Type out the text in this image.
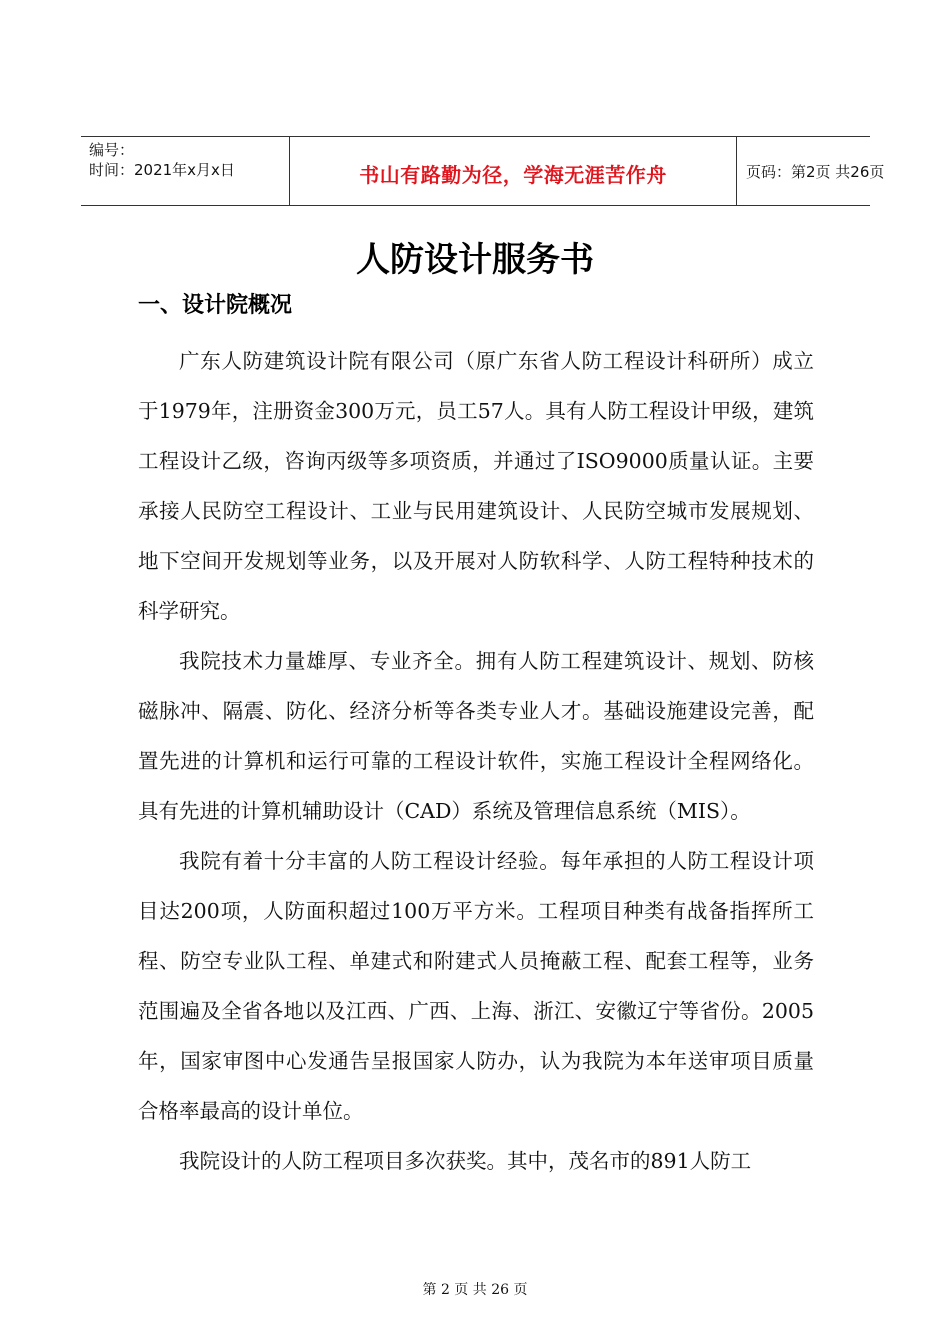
编号：
时间：2021年x月x日	书山有路勤为径，学海无涯苦作舟	页码：第2页 共26页
人防设计服务书
一、设计院概况

广东人防建筑设计院有限公司（原广东省人防工程设计科研所）成立于1979年，注册资金300万元，员工57人。具有人防工程设计甲级，建筑工程设计乙级，咨询丙级等多项资质，并通过了ISO9000质量认证。主要承接人民防空工程设计、工业与民用建筑设计、人民防空城市发展规划、地下空间开发规划等业务，以及开展对人防软科学、人防工程特种技术的科学研究。

我院技术力量雄厚、专业齐全。拥有人防工程建筑设计、规划、防核磁脉冲、隔震、防化、经济分析等各类专业人才。基础设施建设完善，配置先进的计算机和运行可靠的工程设计软件，实施工程设计全程网络化。具有先进的计算机辅助设计（CAD）系统及管理信息系统（MIS）。

我院有着十分丰富的人防工程设计经验。每年承担的人防工程设计项目达200项，人防面积超过100万平方米。工程项目种类有战备指挥所工程、防空专业队工程、单建式和附建式人员掩蔽工程、配套工程等，业务范围遍及全省各地以及江西、广西、上海、浙江、安徽辽宁等省份。2005年，国家审图中心发通告呈报国家人防办，认为我院为本年送审项目质量合格率最高的设计单位。

我院设计的人防工程项目多次获奖。其中，茂名市的891人防工

第 2 页 共 26 页
